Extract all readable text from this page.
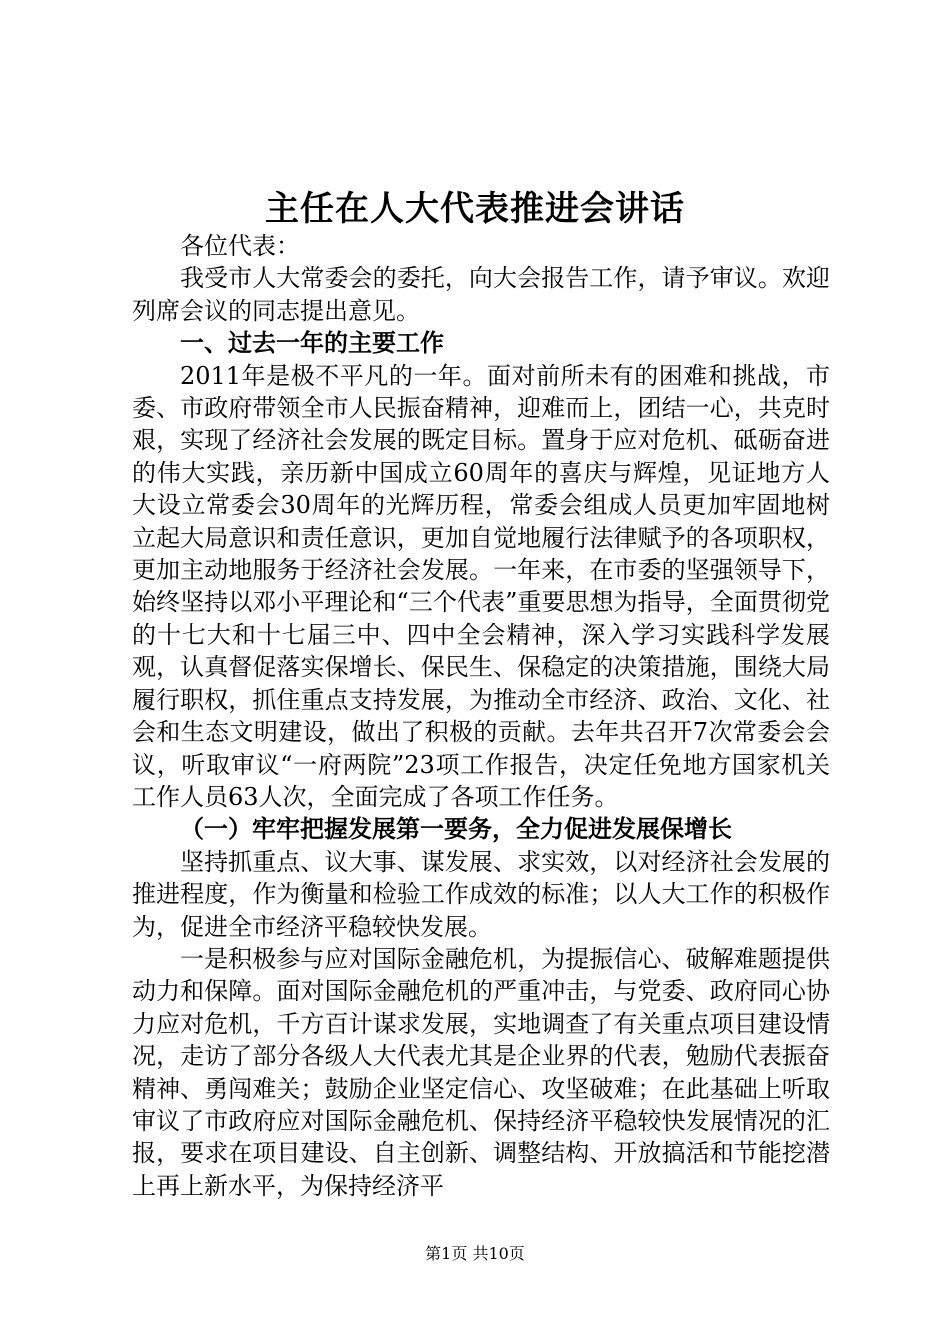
主任在人大代表推进会讲话

各位代表：

我受市人大常委会的委托，向大会报告工作，请予审议。欢迎列席会议的同志提出意见。

一、过去一年的主要工作

2011年是极不平凡的一年。面对前所未有的困难和挑战，市委、市政府带领全市人民振奋精神，迎难而上，团结一心，共克时艰，实现了经济社会发展的既定目标。置身于应对危机、砥砺奋进的伟大实践，亲历新中国成立60周年的喜庆与辉煌，见证地方人大设立常委会30周年的光辉历程，常委会组成人员更加牢固地树立起大局意识和责任意识，更加自觉地履行法律赋予的各项职权，更加主动地服务于经济社会发展。一年来，在市委的坚强领导下，始终坚持以邓小平理论和“三个代表”重要思想为指导，全面贯彻党的十七大和十七届三中、四中全会精神，深入学习实践科学发展观，认真督促落实保增长、保民生、保稳定的决策措施，围绕大局履行职权，抓住重点支持发展，为推动全市经济、政治、文化、社会和生态文明建设，做出了积极的贡献。去年共召开7次常委会会议，听取审议“一府两院”23项工作报告，决定任免地方国家机关工作人员63人次，全面完成了各项工作任务。

（一）牢牢把握发展第一要务，全力促进发展保增长

坚持抓重点、议大事、谋发展、求实效，以对经济社会发展的推进程度，作为衡量和检验工作成效的标准；以人大工作的积极作为，促进全市经济平稳较快发展。

一是积极参与应对国际金融危机，为提振信心、破解难题提供动力和保障。面对国际金融危机的严重冲击，与党委、政府同心协力应对危机，千方百计谋求发展，实地调查了有关重点项目建设情况，走访了部分各级人大代表尤其是企业界的代表，勉励代表振奋精神、勇闯难关；鼓励企业坚定信心、攻坚破难；在此基础上听取审议了市政府应对国际金融危机、保持经济平稳较快发展情况的汇报，要求在项目建设、自主创新、调整结构、开放搞活和节能挖潜上再上新水平，为保持经济平

第1页 共10页
